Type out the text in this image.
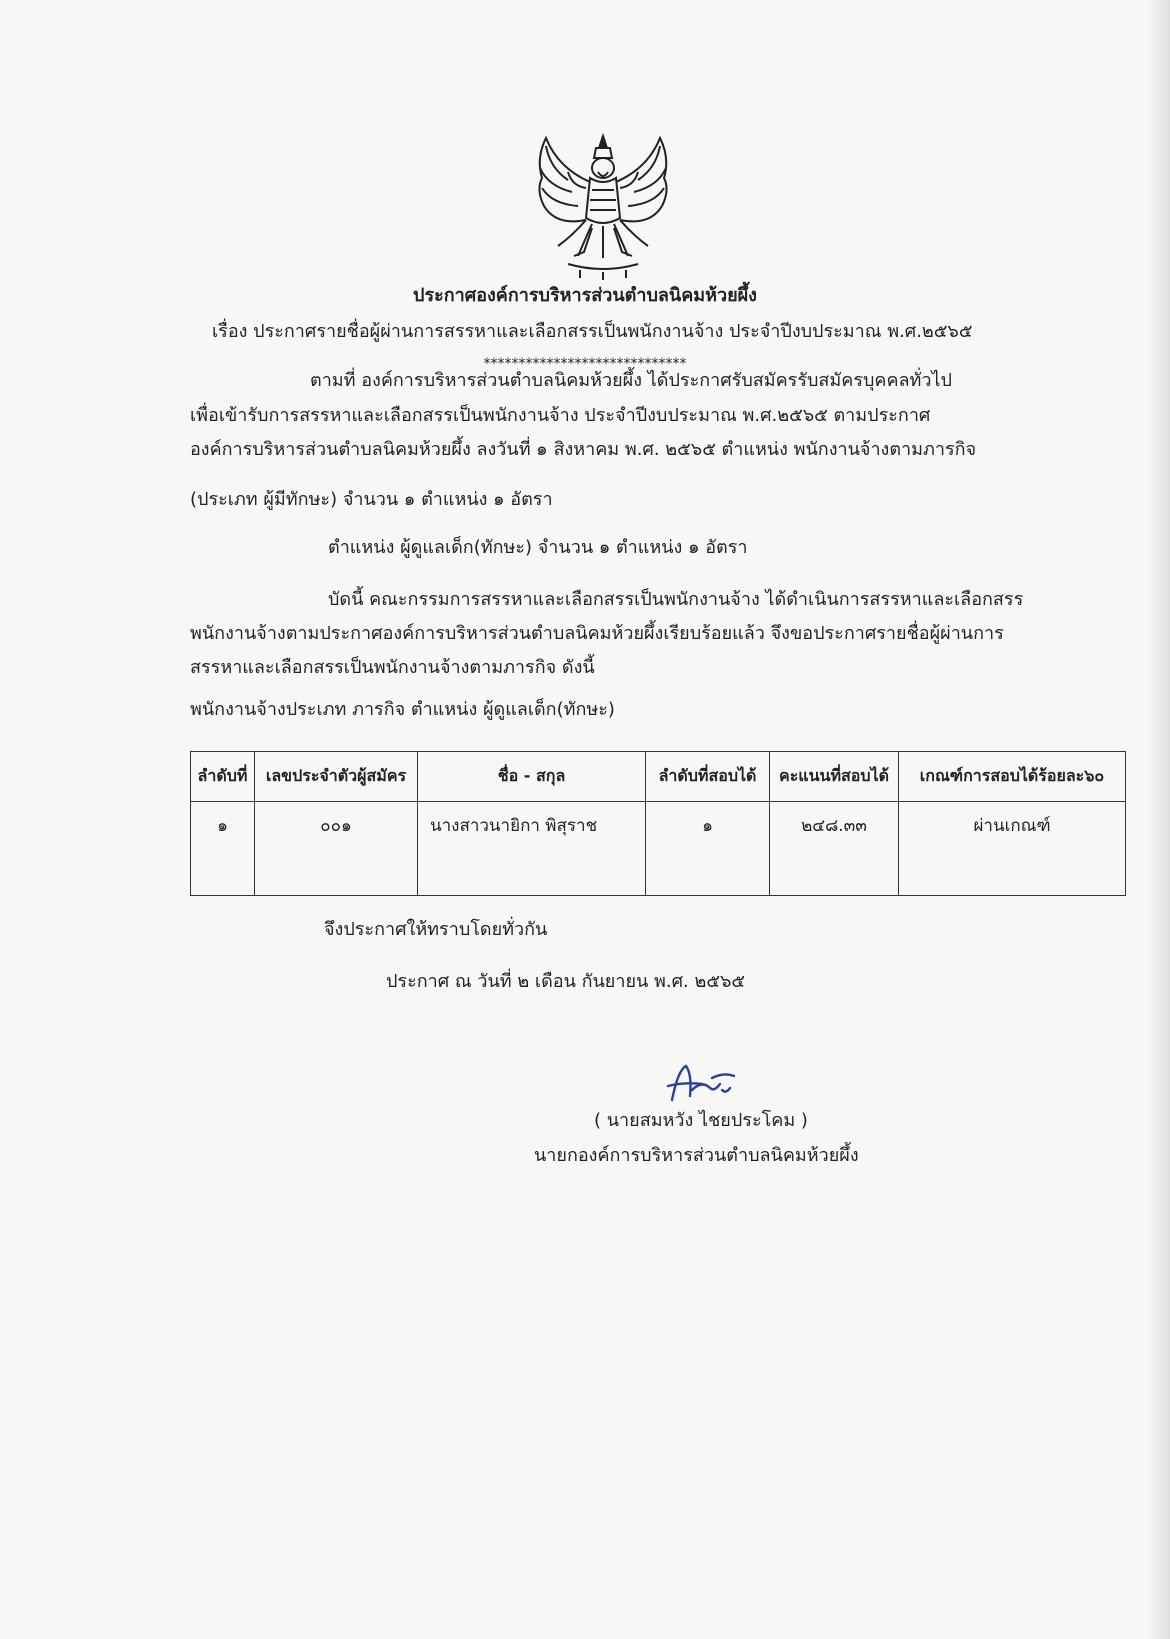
ประกาศองค์การบริหารส่วนตำบลนิคมห้วยผึ้ง
เรื่อง ประกาศรายชื่อผู้ผ่านการสรรหาและเลือกสรรเป็นพนักงานจ้าง ประจำปีงบประมาณ พ.ศ.๒๕๖๕
*****************************
ตามที่ องค์การบริหารส่วนตำบลนิคมห้วยผึ้ง ได้ประกาศรับสมัครรับสมัครบุคคลทั่วไป
เพื่อเข้ารับการสรรหาและเลือกสรรเป็นพนักงานจ้าง ประจำปีงบประมาณ พ.ศ.๒๕๖๕ ตามประกาศ
องค์การบริหารส่วนตำบลนิคมห้วยผึ้ง ลงวันที่ ๑ สิงหาคม พ.ศ. ๒๕๖๕ ตำแหน่ง พนักงานจ้างตามภารกิจ
(ประเภท ผู้มีทักษะ) จำนวน ๑ ตำแหน่ง ๑ อัตรา
ตำแหน่ง ผู้ดูแลเด็ก(ทักษะ) จำนวน ๑ ตำแหน่ง ๑ อัตรา
บัดนี้ คณะกรรมการสรรหาและเลือกสรรเป็นพนักงานจ้าง ได้ดำเนินการสรรหาและเลือกสรร
พนักงานจ้างตามประกาศองค์การบริหารส่วนตำบลนิคมห้วยผึ้งเรียบร้อยแล้ว จึงขอประกาศรายชื่อผู้ผ่านการ
สรรหาและเลือกสรรเป็นพนักงานจ้างตามภารกิจ ดังนี้
พนักงานจ้างประเภท ภารกิจ ตำแหน่ง ผู้ดูแลเด็ก(ทักษะ)
ลำดับที่	เลขประจำตัวผู้สมัคร	ชื่อ - สกุล	ลำดับที่สอบได้	คะแนนที่สอบได้	เกณฑ์การสอบได้ร้อยละ๖๐
๑	๐๐๑	นางสาวนายิกา พิสุราช	๑	๒๔๘.๓๓	ผ่านเกณฑ์
จึงประกาศให้ทราบโดยทั่วกัน
ประกาศ ณ วันที่ ๒ เดือน กันยายน พ.ศ. ๒๕๖๕
( นายสมหวัง ไชยประโคม )
นายกองค์การบริหารส่วนตำบลนิคมห้วยผึ้ง
